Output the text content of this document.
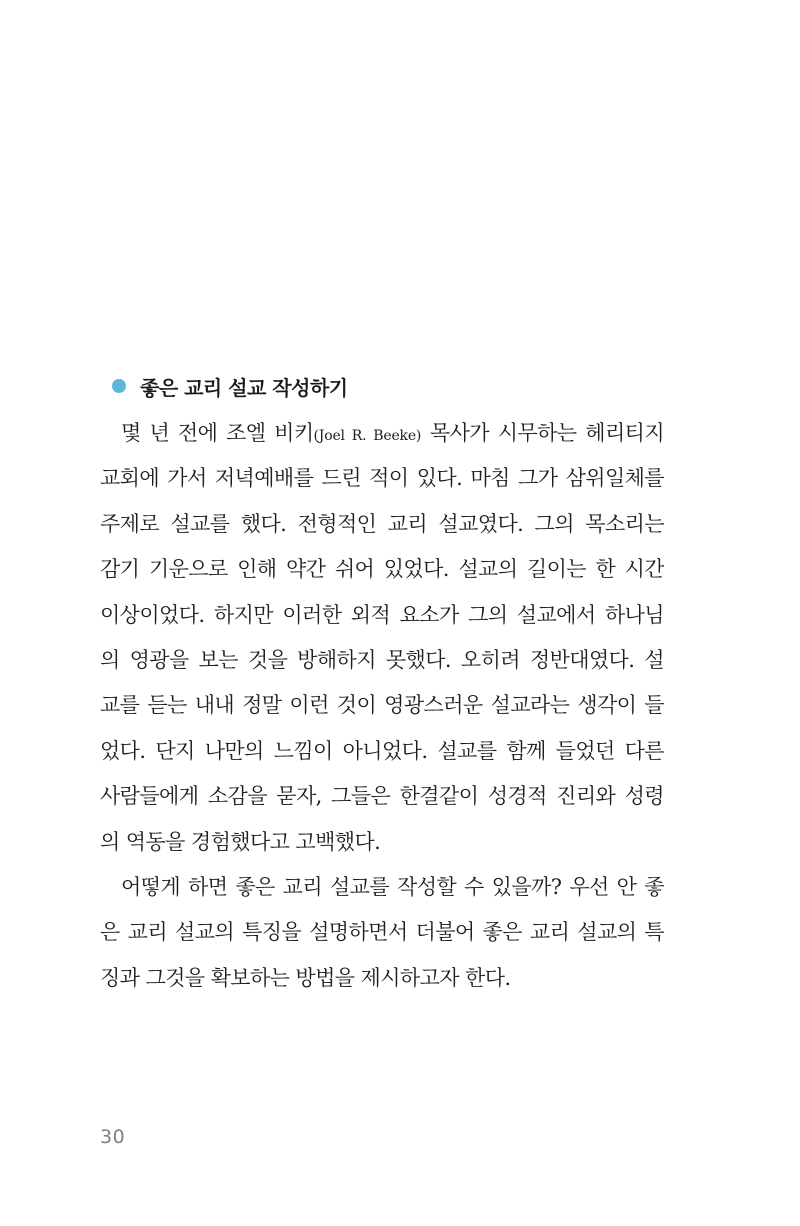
좋은 교리 설교 작성하기
몇 년 전에 조엘 비키(Joel R. Beeke) 목사가 시무하는 헤리티지
교회에 가서 저녁예배를 드린 적이 있다. 마침 그가 삼위일체를
주제로 설교를 했다. 전형적인 교리 설교였다. 그의 목소리는
감기 기운으로 인해 약간 쉬어 있었다. 설교의 길이는 한 시간
이상이었다. 하지만 이러한 외적 요소가 그의 설교에서 하나님
의 영광을 보는 것을 방해하지 못했다. 오히려 정반대였다. 설
교를 듣는 내내 정말 이런 것이 영광스러운 설교라는 생각이 들
었다. 단지 나만의 느낌이 아니었다. 설교를 함께 들었던 다른
사람들에게 소감을 묻자, 그들은 한결같이 성경적 진리와 성령
의 역동을 경험했다고 고백했다.
어떻게 하면 좋은 교리 설교를 작성할 수 있을까? 우선 안 좋
은 교리 설교의 특징을 설명하면서 더불어 좋은 교리 설교의 특
징과 그것을 확보하는 방법을 제시하고자 한다.
30
